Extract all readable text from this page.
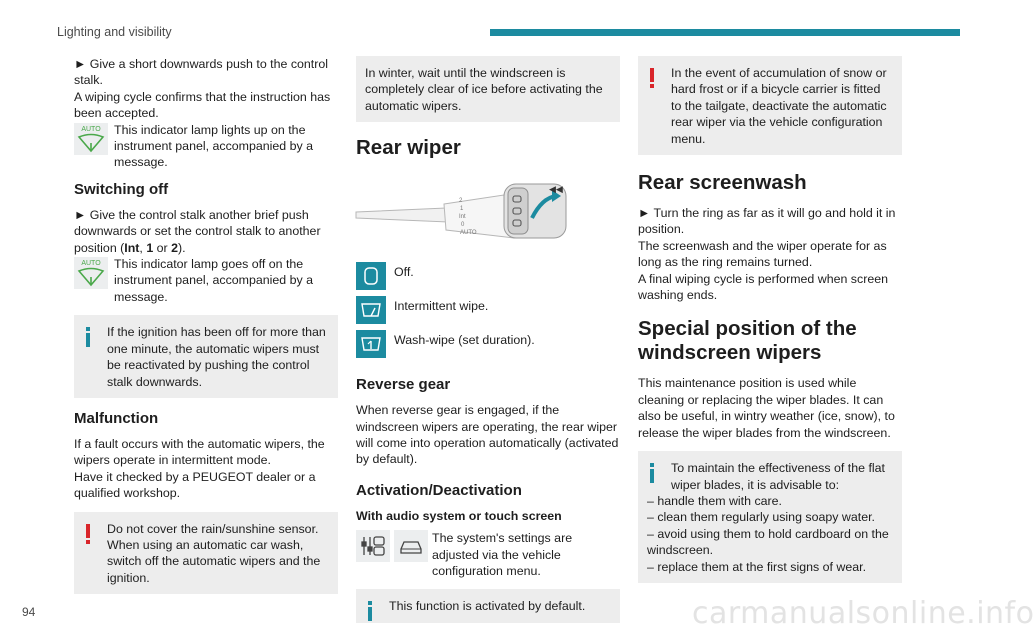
Lighting and visibility

► Give a short downwards push to the control stalk.

A wiping cycle confirms that the instruction has been accepted.

AUTO This indicator lamp lights up on the instrument panel, accompanied by a message.

Switching off

► Give the control stalk another brief push downwards or set the control stalk to another position (Int, 1 or 2).

AUTO This indicator lamp goes off on the instrument panel, accompanied by a message.

If the ignition has been off for more than one minute, the automatic wipers must be reactivated by pushing the control stalk downwards.

Malfunction

If a fault occurs with the automatic wipers, the wipers operate in intermittent mode.

Have it checked by a PEUGEOT dealer or a qualified workshop.

Do not cover the rain/sunshine sensor. When using an automatic car wash, switch off the automatic wipers and the ignition.

In winter, wait until the windscreen is completely clear of ice before activating the automatic wipers.

Rear wiper
2
1
Int
0
AUTO
◀◀
Off.
Intermittent wipe.
Wash-wipe (set duration).
Reverse gear

When reverse gear is engaged, if the windscreen wipers are operating, the rear wiper will come into operation automatically (activated by default).

Activation/Deactivation

With audio system or touch screen

The system's settings are adjusted via the vehicle configuration menu.

This function is activated by default.

In the event of accumulation of snow or hard frost or if a bicycle carrier is fitted to the tailgate, deactivate the automatic rear wiper via the vehicle configuration menu.

Rear screenwash

► Turn the ring as far as it will go and hold it in position.

The screenwash and the wiper operate for as long as the ring remains turned.

A final wiping cycle is performed when screen washing ends.

Special position of the windscreen wipers

This maintenance position is used while cleaning or replacing the wiper blades. It can also be useful, in wintry weather (ice, snow), to release the wiper blades from the windscreen.

To maintain the effectiveness of the flat wiper blades, it is advisable to:

– handle them with care.

– clean them regularly using soapy water.

– avoid using them to hold cardboard on the windscreen.

– replace them at the first signs of wear.

94	carmanualsonline.info
